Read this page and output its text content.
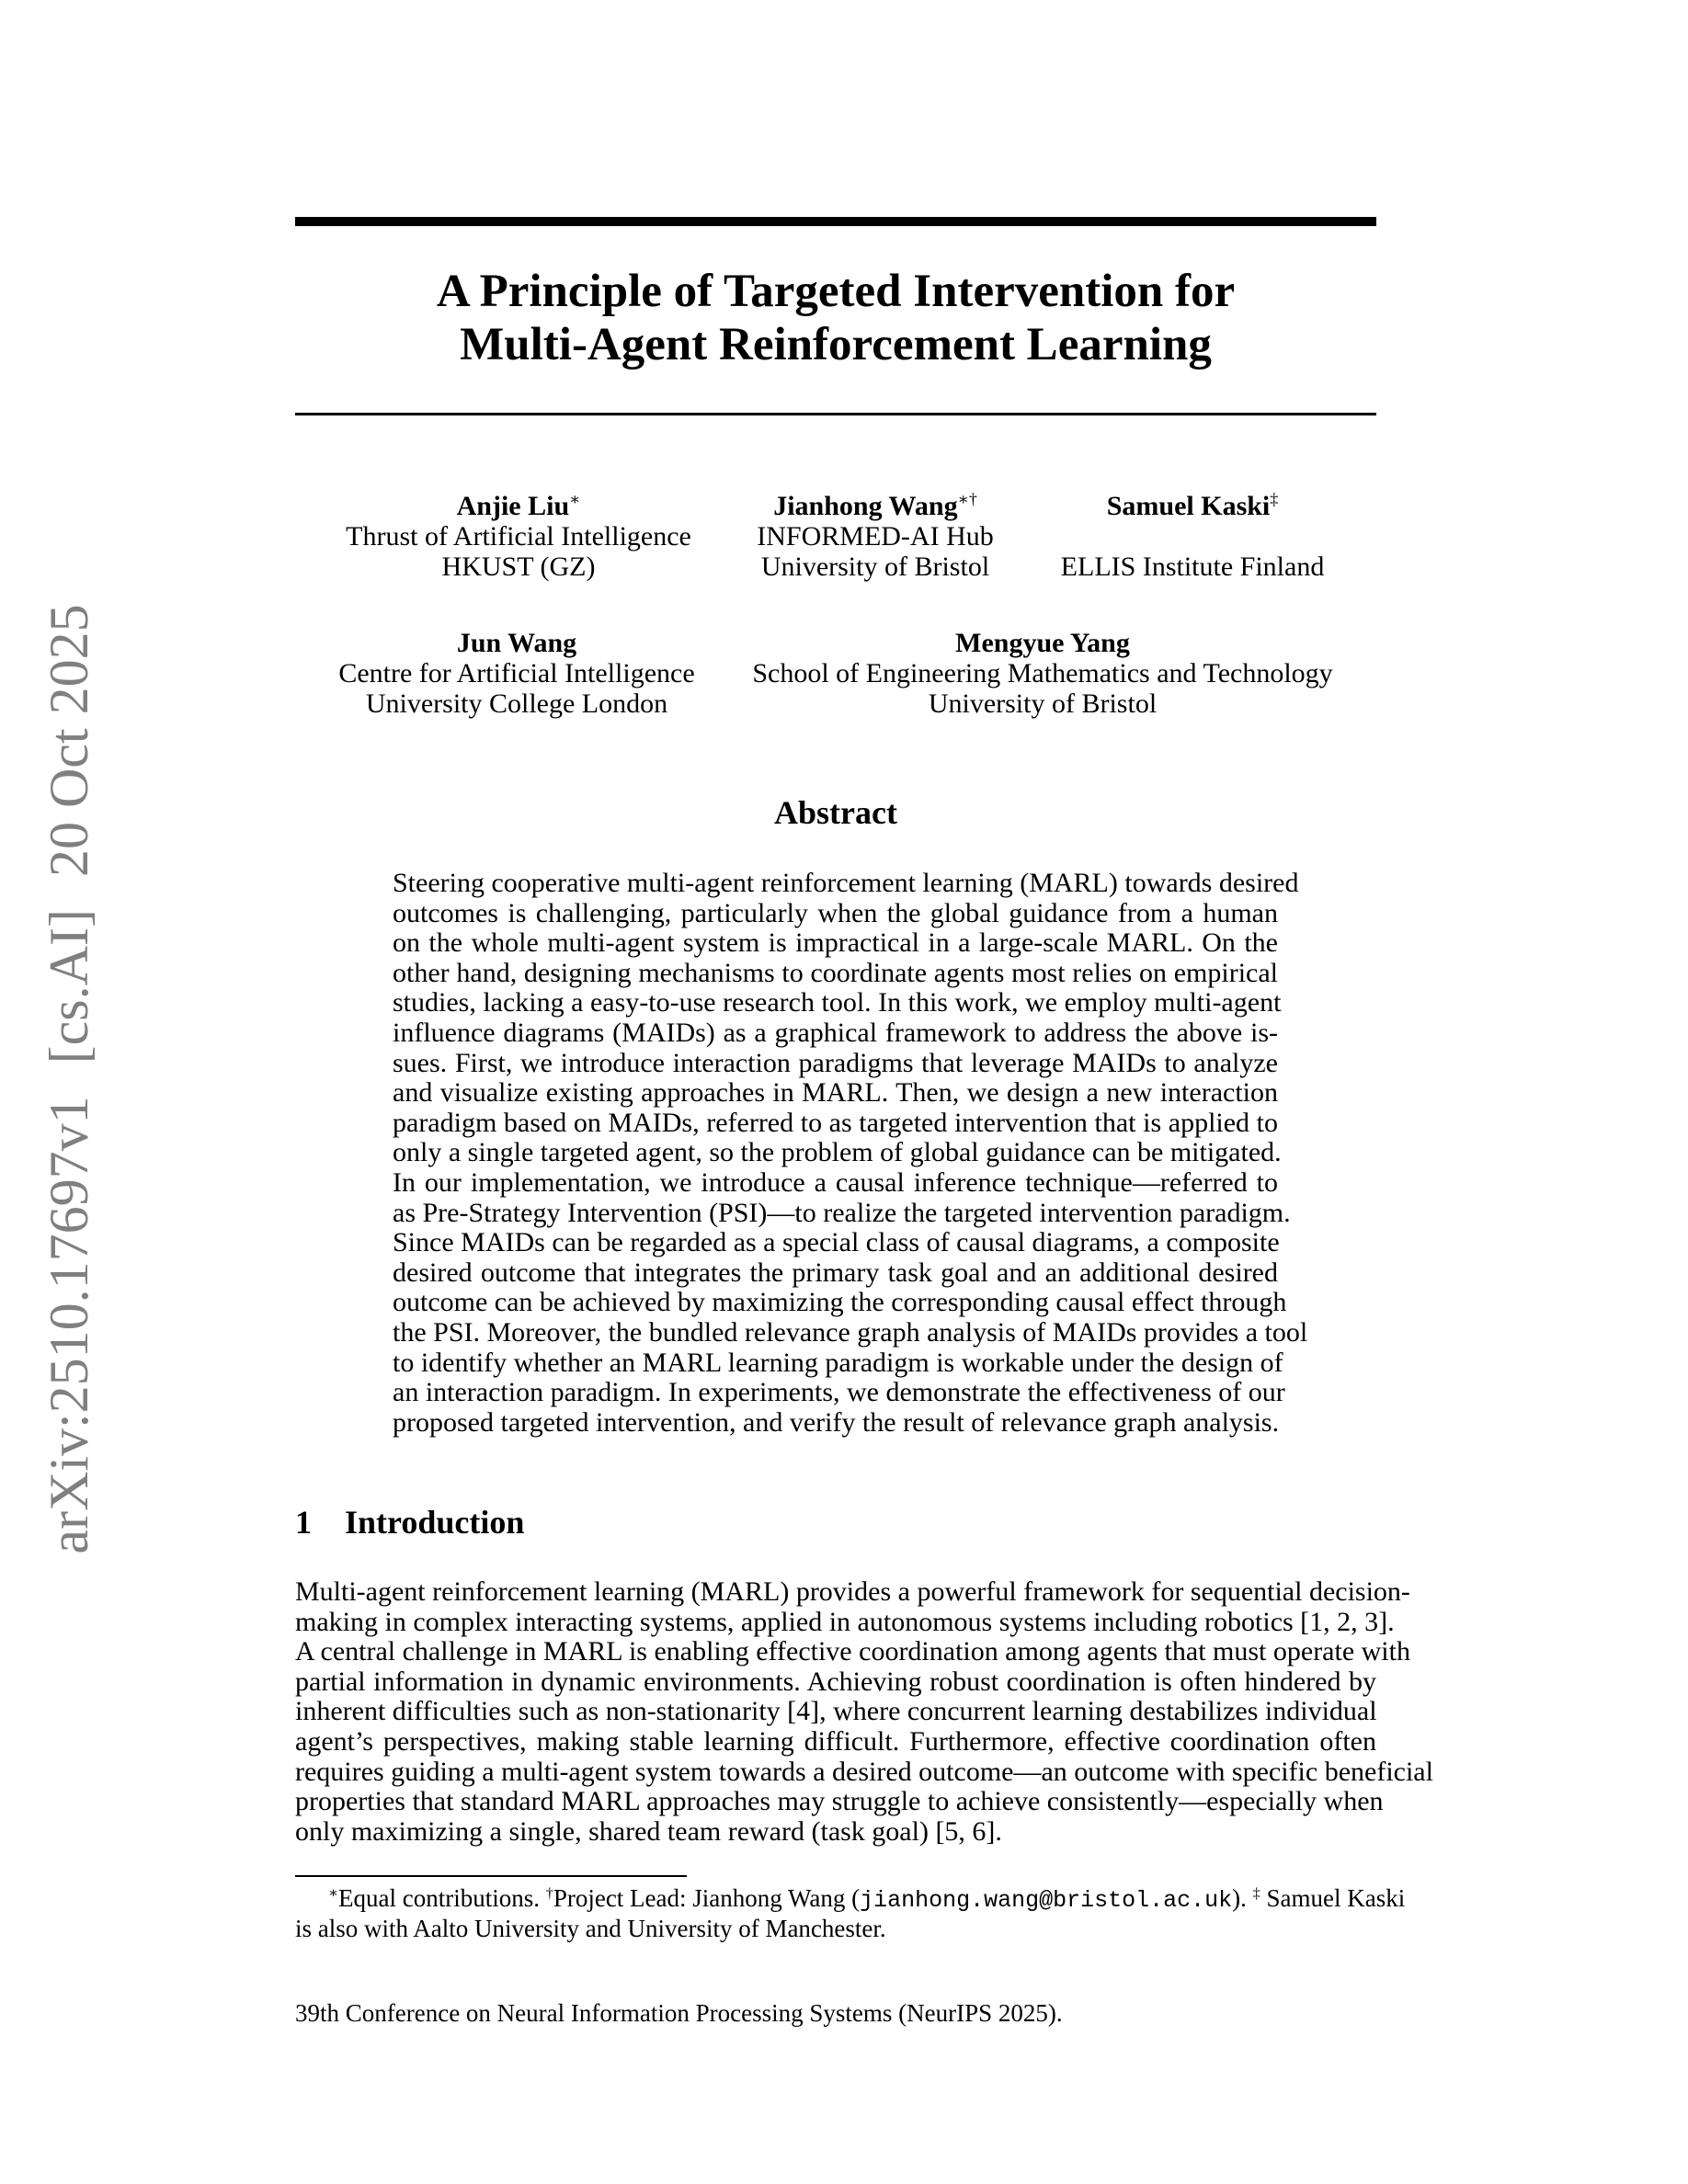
arXiv:2510.17697v1 [cs.AI] 20 Oct 2025
A Principle of Targeted Intervention for
Multi-Agent Reinforcement Learning
Anjie Liu∗
Thrust of Artificial Intelligence
HKUST (GZ)
Jianhong Wang∗†
INFORMED-AI Hub
University of Bristol
Samuel Kaski‡
ELLIS Institute Finland
Jun Wang
Centre for Artificial Intelligence
University College London
Mengyue Yang
School of Engineering Mathematics and Technology
University of Bristol
Abstract
Steering cooperative multi-agent reinforcement learning (MARL) towards desired
outcomes is challenging, particularly when the global guidance from a human
on the whole multi-agent system is impractical in a large-scale MARL. On the
other hand, designing mechanisms to coordinate agents most relies on empirical
studies, lacking a easy-to-use research tool. In this work, we employ multi-agent
influence diagrams (MAIDs) as a graphical framework to address the above is-
sues. First, we introduce interaction paradigms that leverage MAIDs to analyze
and visualize existing approaches in MARL. Then, we design a new interaction
paradigm based on MAIDs, referred to as targeted intervention that is applied to
only a single targeted agent, so the problem of global guidance can be mitigated.
In our implementation, we introduce a causal inference technique—referred to
as Pre-Strategy Intervention (PSI)—to realize the targeted intervention paradigm.
Since MAIDs can be regarded as a special class of causal diagrams, a composite
desired outcome that integrates the primary task goal and an additional desired
outcome can be achieved by maximizing the corresponding causal effect through
the PSI. Moreover, the bundled relevance graph analysis of MAIDs provides a tool
to identify whether an MARL learning paradigm is workable under the design of
an interaction paradigm. In experiments, we demonstrate the effectiveness of our
proposed targeted intervention, and verify the result of relevance graph analysis.
1 Introduction
Multi-agent reinforcement learning (MARL) provides a powerful framework for sequential decision-
making in complex interacting systems, applied in autonomous systems including robotics [1, 2, 3].
A central challenge in MARL is enabling effective coordination among agents that must operate with
partial information in dynamic environments. Achieving robust coordination is often hindered by
inherent difficulties such as non-stationarity [4], where concurrent learning destabilizes individual
agent’s perspectives, making stable learning difficult. Furthermore, effective coordination often
requires guiding a multi-agent system towards a desired outcome—an outcome with specific beneficial
properties that standard MARL approaches may struggle to achieve consistently—especially when
only maximizing a single, shared team reward (task goal) [5, 6].
∗Equal contributions. †Project Lead: Jianhong Wang (jianhong.wang@bristol.ac.uk). ‡ Samuel Kaski
is also with Aalto University and University of Manchester.
39th Conference on Neural Information Processing Systems (NeurIPS 2025).
